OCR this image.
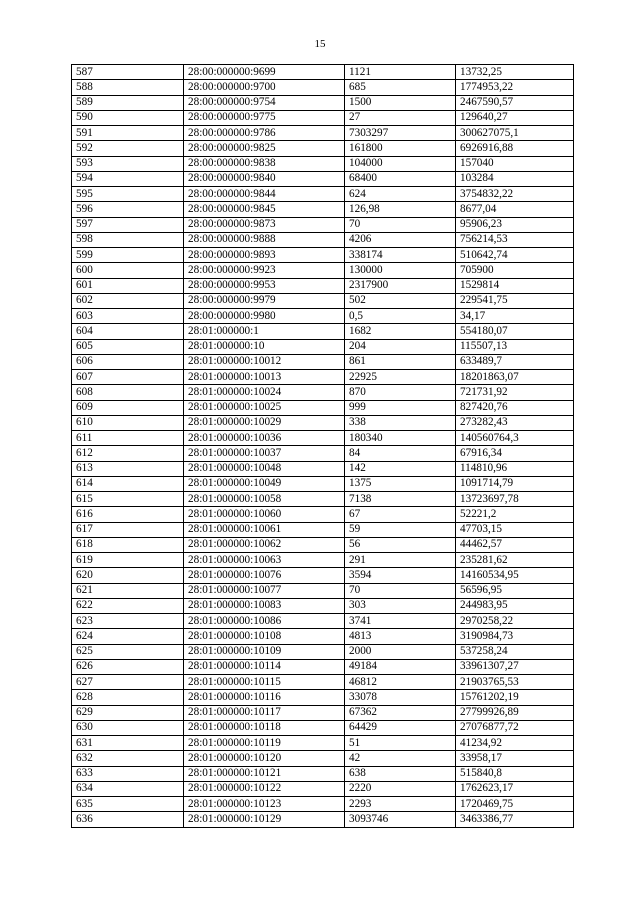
15
587	28:00:000000:9699	1121	13732,25
588	28:00:000000:9700	685	1774953,22
589	28:00:000000:9754	1500	2467590,57
590	28:00:000000:9775	27	129640,27
591	28:00:000000:9786	7303297	300627075,1
592	28:00:000000:9825	161800	6926916,88
593	28:00:000000:9838	104000	157040
594	28:00:000000:9840	68400	103284
595	28:00:000000:9844	624	3754832,22
596	28:00:000000:9845	126,98	8677,04
597	28:00:000000:9873	70	95906,23
598	28:00:000000:9888	4206	756214,53
599	28:00:000000:9893	338174	510642,74
600	28:00:000000:9923	130000	705900
601	28:00:000000:9953	2317900	1529814
602	28:00:000000:9979	502	229541,75
603	28:00:000000:9980	0,5	34,17
604	28:01:000000:1	1682	554180,07
605	28:01:000000:10	204	115507,13
606	28:01:000000:10012	861	633489,7
607	28:01:000000:10013	22925	18201863,07
608	28:01:000000:10024	870	721731,92
609	28:01:000000:10025	999	827420,76
610	28:01:000000:10029	338	273282,43
611	28:01:000000:10036	180340	140560764,3
612	28:01:000000:10037	84	67916,34
613	28:01:000000:10048	142	114810,96
614	28:01:000000:10049	1375	1091714,79
615	28:01:000000:10058	7138	13723697,78
616	28:01:000000:10060	67	52221,2
617	28:01:000000:10061	59	47703,15
618	28:01:000000:10062	56	44462,57
619	28:01:000000:10063	291	235281,62
620	28:01:000000:10076	3594	14160534,95
621	28:01:000000:10077	70	56596,95
622	28:01:000000:10083	303	244983,95
623	28:01:000000:10086	3741	2970258,22
624	28:01:000000:10108	4813	3190984,73
625	28:01:000000:10109	2000	537258,24
626	28:01:000000:10114	49184	33961307,27
627	28:01:000000:10115	46812	21903765,53
628	28:01:000000:10116	33078	15761202,19
629	28:01:000000:10117	67362	27799926,89
630	28:01:000000:10118	64429	27076877,72
631	28:01:000000:10119	51	41234,92
632	28:01:000000:10120	42	33958,17
633	28:01:000000:10121	638	515840,8
634	28:01:000000:10122	2220	1762623,17
635	28:01:000000:10123	2293	1720469,75
636	28:01:000000:10129	3093746	3463386,77
